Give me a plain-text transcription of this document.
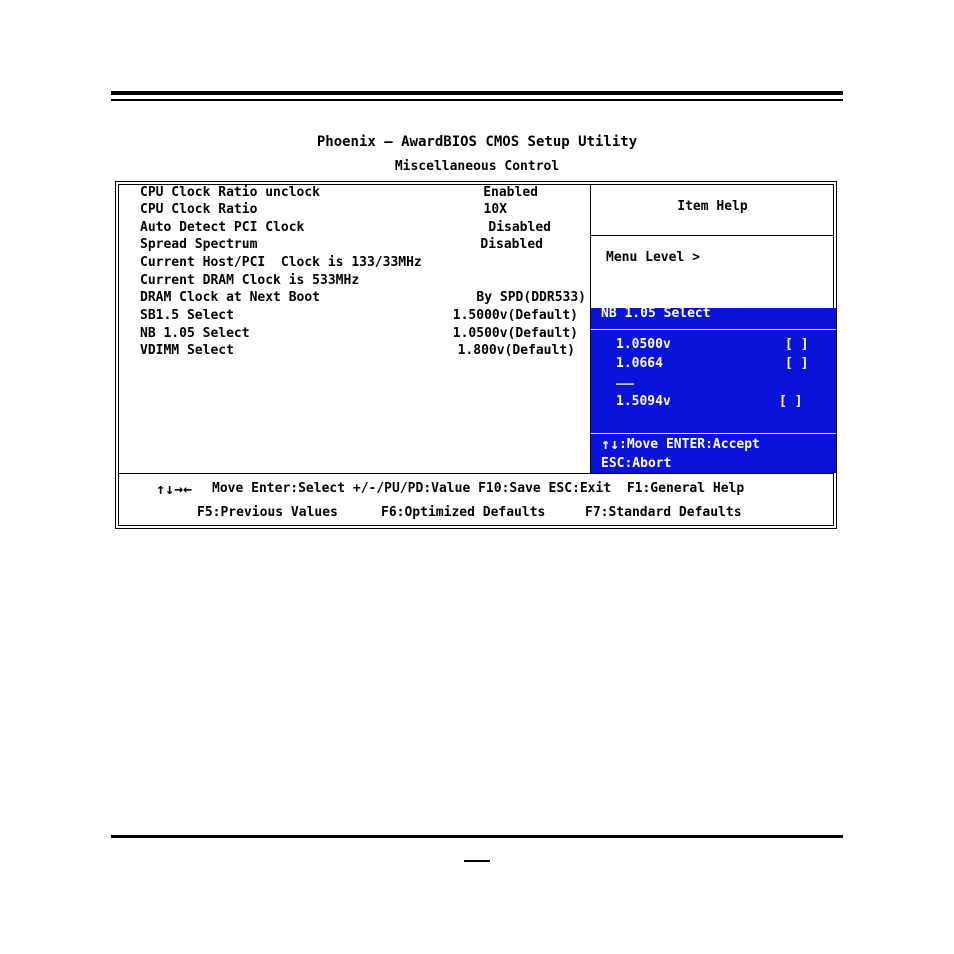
Phoenix – AwardBIOS CMOS Setup Utility
Miscellaneous Control
CPU Clock Ratio unclock	Enabled
CPU Clock Ratio	10X
Auto Detect PCI Clock	Disabled
Spread Spectrum	Disabled
Current Host/PCI  Clock is 133/33MHz
Current DRAM Clock is 533MHz
DRAM Clock at Next Boot	By SPD(DDR533)
SB1.5 Select	1.5000v(Default)
NB 1.05 Select	1.0500v(Default)
VDIMM Select	1.800v(Default)
Item Help
Menu Level >
NB 1.05 Select
1.0500v	[ ]
1.0664	[ ]
………
1.5094v	[ ]
↑↓ :Move ENTER:Accept
ESC:Abort
↑↓→← Move Enter:Select +/-/PU/PD:Value F10:Save ESC:Exit  F1:General Help
F5:Previous Values	F6:Optimized Defaults	F7:Standard Defaults
